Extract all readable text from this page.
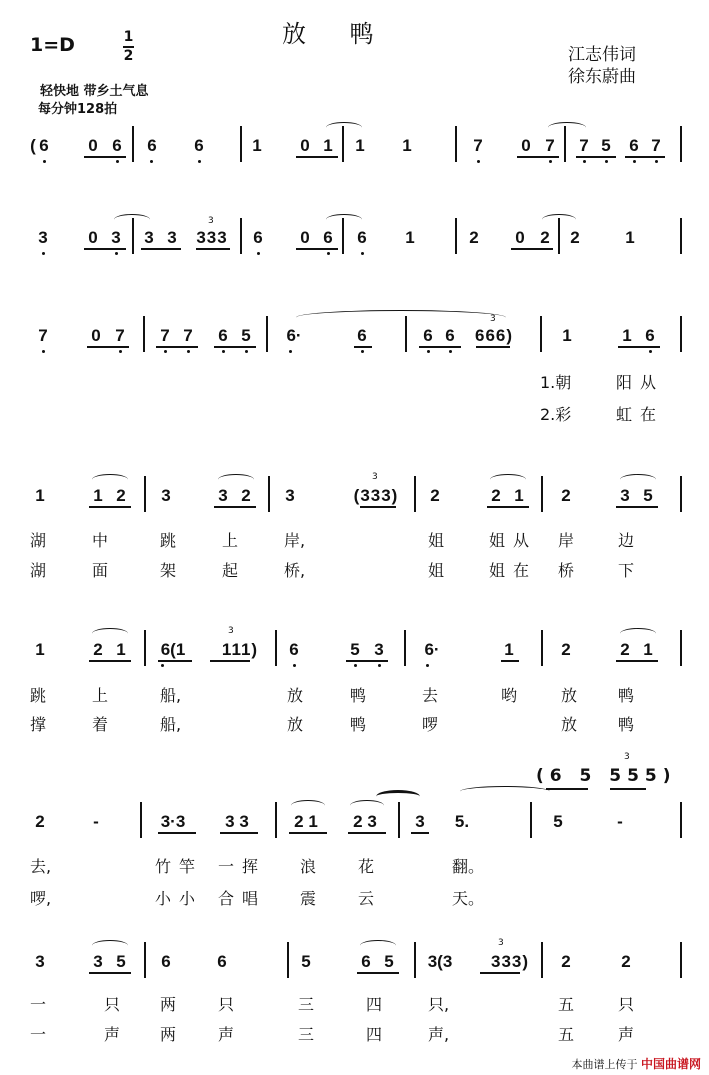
放 鸭
1=D	1
2	江志伟词
徐东蔚曲
轻快地 带乡土气息
每分钟128拍
( 6 0 6 6 6	1 0 1 1 1	7 0 7 7 5 6 7
3 0 3 3 3 333
3
6 0 6 6 1	2 0 2 2	1
7	0 7 7 7 6 5 6·	6	6 6 666)
3
1	1 6
1.朝	阳从
2.彩	虹在
1	1 2 3	3 2 3	(333)
3
2	2 1 2	3 5
湖	中	跳	上	岸,	姐	姐从 岸	边
湖	面	架	起	桥,	姐	姐在 桥	下
1	2 1 6(1 111)
3
6	5 3 6·	1	2	2 1
跳	上	船,	放	鸭	去	哟	放	鸭
撑	着	船,	放	鸭	啰	放	鸭
(6 5 555)
3
2	-	3·3 3 3	2 1 2 3 3 5.	5	-
去,	竹竿 一挥 浪	花	翻。
啰,	小小 合唱 震	云	天。
3	3 5 6	6	5	6 5 3(3 333)
3
2	2
一	只 两	只	三	四	只,	五	只
一	声 两	声	三	四	声,	五	声
本曲谱上传于 中国曲谱网
